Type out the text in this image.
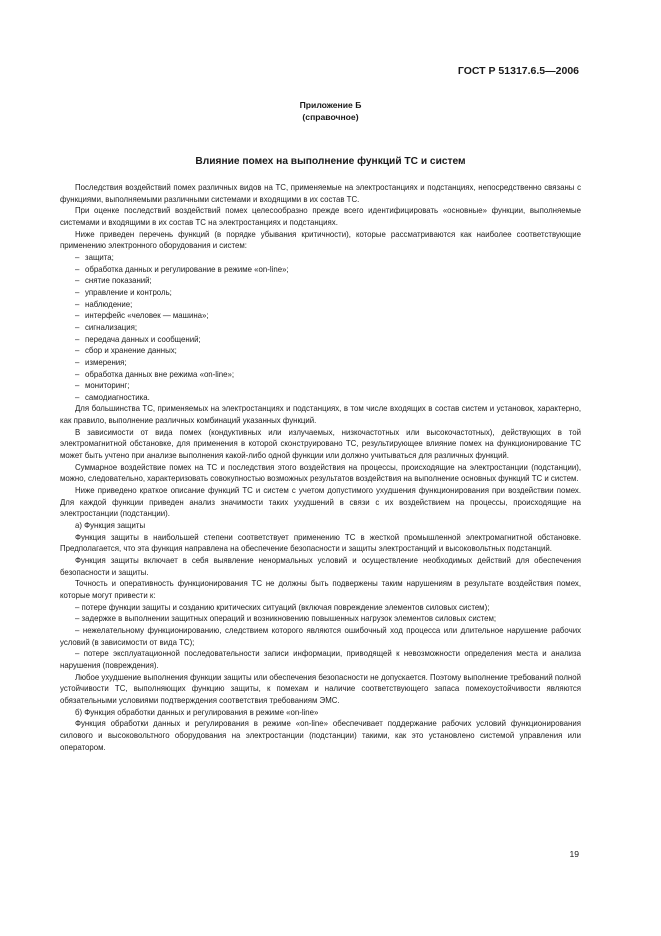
ГОСТ Р 51317.6.5—2006
Приложение Б
(справочное)
Влияние помех на выполнение функций ТС и систем

Последствия воздействий помех различных видов на ТС, применяемые на электростанциях и подстанциях, непосредственно связаны с функциями, выполняемыми различными системами и входящими в их состав ТС.

При оценке последствий воздействий помех целесообразно прежде всего идентифицировать «основные» функции, выполняемые системами и входящими в их состав ТС на электростанциях и подстанциях.

Ниже приведен перечень функций (в порядке убывания критичности), которые рассматриваются как наиболее соответствующие применению электронного оборудования и систем:

– защита;
– обработка данных и регулирование в режиме «on-line»;
– снятие показаний;
– управление и контроль;
– наблюдение;
– интерфейс «человек — машина»;
– сигнализация;
– передача данных и сообщений;
– сбор и хранение данных;
– измерения;
– обработка данных вне режима «on-line»;
– мониторинг;
– самодиагностика.

Для большинства ТС, применяемых на электростанциях и подстанциях, в том числе входящих в состав систем и установок, характерно, как правило, выполнение различных комбинаций указанных функций.

В зависимости от вида помех (кондуктивных или излучаемых, низкочастотных или высокочастотных), действующих в той электромагнитной обстановке, для применения в которой сконструировано ТС, результирующее влияние помех на функционирование ТС может быть учтено при анализе выполнения какой-либо одной функции или должно учитываться для различных функций.

Суммарное воздействие помех на ТС и последствия этого воздействия на процессы, происходящие на электростанции (подстанции), можно, следовательно, характеризовать совокупностью возможных результатов воздействия на выполнение основных функций ТС и систем.

Ниже приведено краткое описание функций ТС и систем с учетом допустимого ухудшения функционирования при воздействии помех. Для каждой функции приведен анализ значимости таких ухудшений в связи с их воздействием на процессы, происходящие на электростанции (подстанции).

а) Функция защиты

Функция защиты в наибольшей степени соответствует применению ТС в жесткой промышленной электромагнитной обстановке. Предполагается, что эта функция направлена на обеспечение безопасности и защиты электростанций и высоковольтных подстанций.

Функция защиты включает в себя выявление ненормальных условий и осуществление необходимых действий для обеспечения безопасности и защиты.

Точность и оперативность функционирования ТС не должны быть подвержены таким нарушениям в результате воздействия помех, которые могут привести к:

– потере функции защиты и созданию критических ситуаций (включая повреждение элементов силовых систем);

– задержке в выполнении защитных операций и возникновению повышенных нагрузок элементов силовых систем;

– нежелательному функционированию, следствием которого являются ошибочный ход процесса или длительное нарушение рабочих условий (в зависимости от вида ТС);

– потере эксплуатационной последовательности записи информации, приводящей к невозможности определения места и анализа нарушения (повреждения).

Любое ухудшение выполнения функции защиты или обеспечения безопасности не допускается. Поэтому выполнение требований полной устойчивости ТС, выполняющих функцию защиты, к помехам и наличие соответствующего запаса помехоустойчивости являются обязательными условиями подтверждения соответствия требованиям ЭМС.

б) Функция обработки данных и регулирования в режиме «on-line»

Функция обработки данных и регулирования в режиме «on-line» обеспечивает поддержание рабочих условий функционирования силового и высоковольтного оборудования на электростанции (подстанции) такими, как это установлено системой управления или оператором.

19
